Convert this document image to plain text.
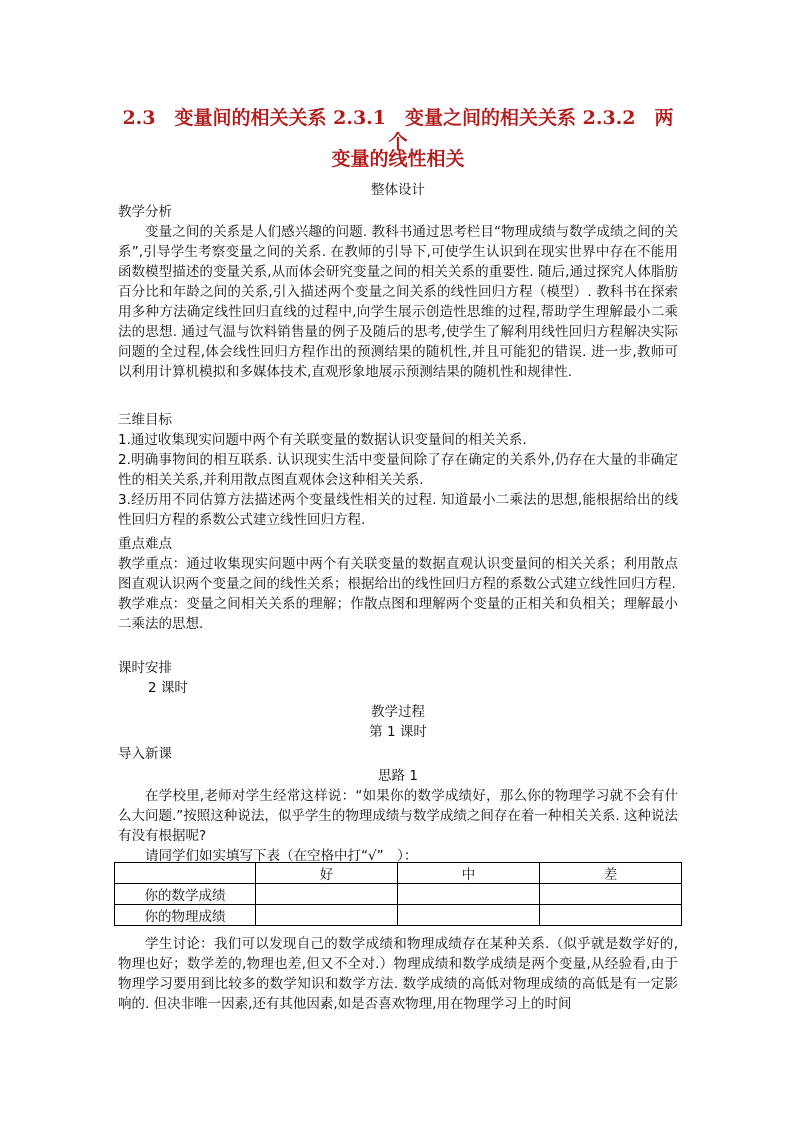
2.3　变量间的相关关系 2.3.1　变量之间的相关关系 2.3.2　两个
变量的线性相关
整体设计

教学分析

变量之间的关系是人们感兴趣的问题. 教科书通过思考栏目“物理成绩与数学成绩之间的关系”,引导学生考察变量之间的关系. 在教师的引导下,可使学生认识到在现实世界中存在不能用函数模型描述的变量关系,从而体会研究变量之间的相关关系的重要性. 随后,通过探究人体脂肪百分比和年龄之间的关系,引入描述两个变量之间关系的线性回归方程（模型）. 教科书在探索用多种方法确定线性回归直线的过程中,向学生展示创造性思维的过程,帮助学生理解最小二乘法的思想. 通过气温与饮料销售量的例子及随后的思考,使学生了解利用线性回归方程解决实际问题的全过程,体会线性回归方程作出的预测结果的随机性,并且可能犯的错误. 进一步,教师可以利用计算机模拟和多媒体技术,直观形象地展示预测结果的随机性和规律性.

三维目标

1.通过收集现实问题中两个有关联变量的数据认识变量间的相关关系.

2.明确事物间的相互联系. 认识现实生活中变量间除了存在确定的关系外,仍存在大量的非确定性的相关关系,并利用散点图直观体会这种相关关系.

3.经历用不同估算方法描述两个变量线性相关的过程. 知道最小二乘法的思想,能根据给出的线性回归方程的系数公式建立线性回归方程.

重点难点

教学重点：通过收集现实问题中两个有关联变量的数据直观认识变量间的相关关系；利用散点图直观认识两个变量之间的线性关系；根据给出的线性回归方程的系数公式建立线性回归方程.

教学难点：变量之间相关关系的理解；作散点图和理解两个变量的正相关和负相关；理解最小二乘法的思想.

课时安排

2 课时

教学过程
第 1 课时
导入新课
思路 1

在学校里,老师对学生经常这样说：“如果你的数学成绩好，那么你的物理学习就不会有什么大问题.”按照这种说法，似乎学生的物理成绩与数学成绩之间存在着一种相关关系. 这种说法有没有根据呢?

请同学们如实填写下表（在空格中打“√”　）：

	好	中	差
你的数学成绩			
你的物理成绩			

学生讨论：我们可以发现自己的数学成绩和物理成绩存在某种关系.（似乎就是数学好的,物理也好；数学差的,物理也差,但又不全对.）物理成绩和数学成绩是两个变量,从经验看,由于物理学习要用到比较多的数学知识和数学方法. 数学成绩的高低对物理成绩的高低是有一定影响的. 但决非唯一因素,还有其他因素,如是否喜欢物理,用在物理学习上的时间
